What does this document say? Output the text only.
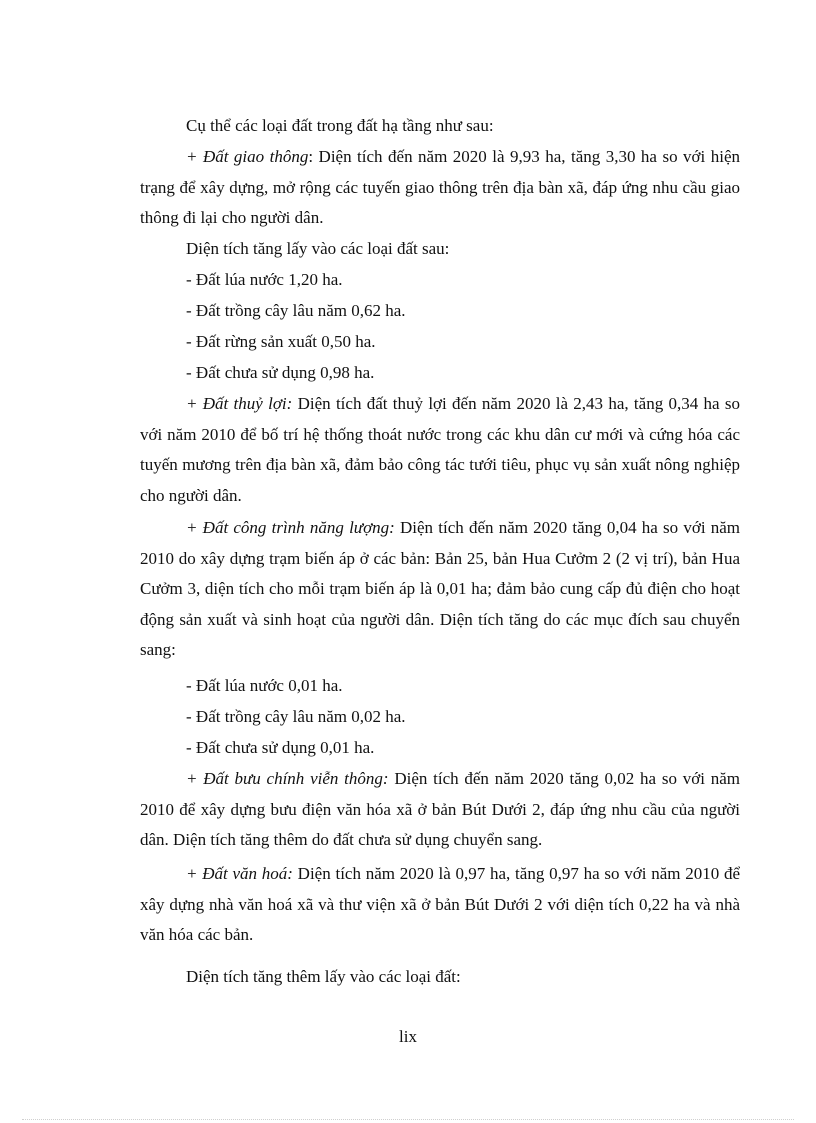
Cụ thể các loại đất trong đất hạ tầng như sau:
+ Đất giao thông: Diện tích đến năm 2020 là 9,93 ha, tăng 3,30 ha so với hiện trạng để xây dựng, mở rộng các tuyến giao thông trên địa bàn xã, đáp ứng nhu cầu giao thông đi lại cho người dân.
Diện tích tăng lấy vào các loại đất sau:
- Đất lúa nước 1,20 ha.
- Đất trồng cây lâu năm 0,62 ha.
- Đất rừng sản xuất 0,50 ha.
- Đất chưa sử dụng 0,98 ha.
+ Đất thuỷ lợi: Diện tích đất thuỷ lợi đến năm 2020 là 2,43 ha, tăng 0,34 ha so với năm 2010 để bố trí hệ thống thoát nước trong các khu dân cư mới và cứng hóa các tuyến mương trên địa bàn xã, đảm bảo công tác tưới tiêu, phục vụ sản xuất nông nghiệp cho người dân.
+ Đất công trình năng lượng: Diện tích đến năm 2020 tăng 0,04 ha so với năm 2010 do xây dựng trạm biến áp ở các bản: Bản 25, bản Hua Cưởm 2 (2 vị trí), bản Hua Cưởm 3, diện tích cho mỗi trạm biến áp là 0,01 ha; đảm bảo cung cấp đủ điện cho hoạt động sản xuất và sinh hoạt của người dân. Diện tích tăng do các mục đích sau chuyển sang:
- Đất lúa nước 0,01 ha.
- Đất trồng cây lâu năm 0,02 ha.
- Đất chưa sử dụng 0,01 ha.
+ Đất bưu chính viễn thông: Diện tích đến năm 2020 tăng 0,02 ha so với năm 2010 để xây dựng bưu điện văn hóa xã ở bản Bút Dưới 2, đáp ứng nhu cầu của người dân. Diện tích tăng thêm do đất chưa sử dụng chuyển sang.
+ Đất văn hoá: Diện tích năm 2020 là 0,97 ha, tăng 0,97 ha so với năm 2010 để xây dựng nhà văn hoá xã và thư viện xã ở bản Bút Dưới 2 với diện tích 0,22 ha và nhà văn hóa các bản.
Diện tích tăng thêm lấy vào các loại đất:
lix
